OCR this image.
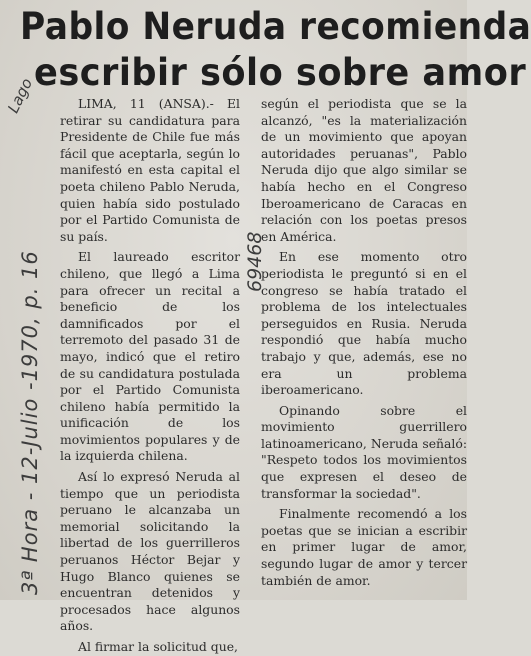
Pablo Neruda recomienda
escribir sólo sobre amor

LIMA, 11 (ANSA).- El retirar su candidatura para Presidente de Chile fue más fácil que aceptarla, según lo manifestó en esta capital el poeta chileno Pablo Neruda, quien había sido postulado por el Partido Comunista de su país.

El laureado escritor chileno, que llegó a Lima para ofrecer un recital a beneficio de los damnificados por el terremoto del pasado 31 de mayo, indicó que el retiro de su candidatura postulada por el Partido Comunista chileno había permitido la unificación de los movimientos populares y de la izquierda chilena.

Así lo expresó Neruda al tiempo que un periodista peruano le alcanzaba un memorial solicitando la libertad de los guerrilleros peruanos Héctor Bejar y Hugo Blanco quienes se encuentran detenidos y procesados hace algunos años.

Al firmar la solicitud que,

según el periodista que se la alcanzó, "es la materialización de un movimiento que apoyan autoridades peruanas", Pablo Neruda dijo que algo similar se había hecho en el Congreso Iberoamericano de Caracas en relación con los poetas presos en América.

En ese momento otro periodista le preguntó si en el congreso se había tratado el problema de los intelectuales perseguidos en Rusia. Neruda respondió que había mucho trabajo y que, además, ese no era un problema iberoamericano.

Opinando sobre el movimiento guerrillero latinoamericano, Neruda señaló: "Respeto todos los movimientos que expresen el deseo de transformar la sociedad".

Finalmente recomendó a los poetas que se inician a escribir en primer lugar de amor, segundo lugar de amor y tercer también de amor.

3ª Hora - 12-Julio -1970, p. 16	69468
Lago
